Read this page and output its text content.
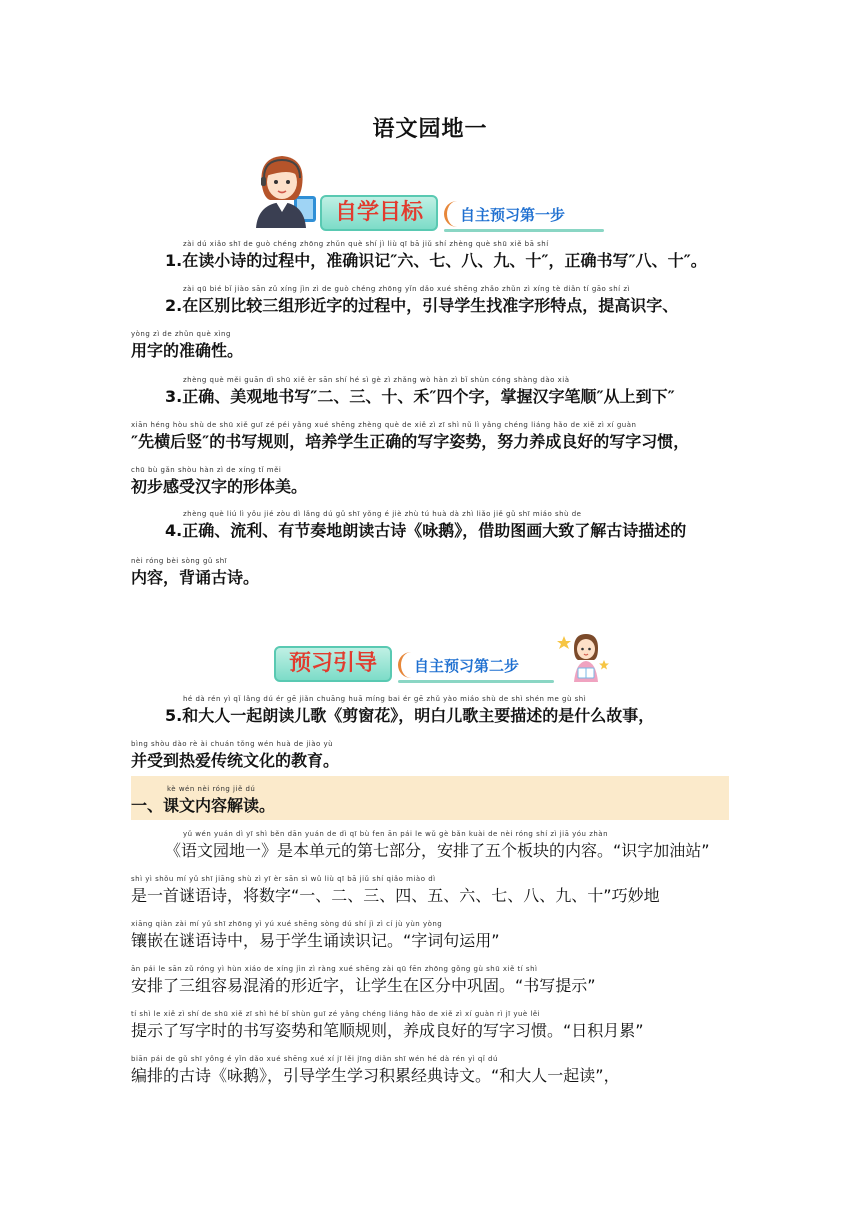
语文园地一
自学目标	自主预习第一步
zài dú xiǎo shī de guò chéng zhōng zhǔn què shí jì liù qī bā jiǔ shí zhèng què shū xiě bā shí
1.在读小诗的过程中，准确识记″六、七、八、九、十″，正确书写″八、十″。
zài qū bié bǐ jiào sān zǔ xíng jìn zì de guò chéng zhōng yǐn dǎo xué shēng zhǎo zhǔn zì xíng tè diǎn tí gāo shí zì
2.在区别比较三组形近字的过程中，引导学生找准字形特点，提高识字、
yòng zì de zhǔn què xìng
用字的准确性。
zhèng què měi guān dì shū xiě èr sān shí hé sì gè zì zhǎng wò hàn zì bǐ shùn cóng shàng dào xià
3.正确、美观地书写″二、三、十、禾″四个字，掌握汉字笔顺″从上到下″
xiān héng hòu shù de shū xiě guī zé péi yǎng xué shēng zhèng què de xiě zì zī shì nǔ lì yǎng chéng liáng hǎo de xiě zì xí guàn
″先横后竖″的书写规则，培养学生正确的写字姿势，努力养成良好的写字习惯，
chū bù gǎn shòu hàn zì de xíng tǐ měi
初步感受汉字的形体美。
zhèng què liú lì yǒu jié zòu dì lǎng dú gǔ shī yǒng é jiè zhù tú huà dà zhì liǎo jiě gǔ shī miáo shù de
4.正确、流利、有节奏地朗读古诗《咏鹅》，借助图画大致了解古诗描述的
nèi róng bèi sòng gǔ shī
内容，背诵古诗。
预习引导	自主预习第二步
hé dà rén yì qǐ lǎng dú ér gē jiǎn chuāng huā míng bai ér gē zhǔ yào miáo shù de shì shén me gù shì
5.和大人一起朗读儿歌《剪窗花》，明白儿歌主要描述的是什么故事，
bìng shòu dào rè ài chuán tǒng wén huà de jiào yù
并受到热爱传统文化的教育。
kè wén nèi róng jiě dú
一、课文内容解读。
yǔ wén yuán dì yī shì běn dān yuán de dì qī bù fen ān pái le wǔ gè bǎn kuài de nèi róng shí zì jiā yóu zhàn
《语文园地一》是本单元的第七部分，安排了五个板块的内容。“识字加油站”
shì yì shǒu mí yǔ shī jiāng shù zì yī èr sān sì wǔ liù qī bā jiǔ shí qiǎo miào dì
是一首谜语诗，将数字“一、二、三、四、五、六、七、八、九、十”巧妙地
xiāng qiàn zài mí yǔ shī zhōng yì yú xué shēng sòng dú shí jì zì cí jù yùn yòng
镶嵌在谜语诗中，易于学生诵读识记。“字词句运用”
ān pái le sān zǔ róng yì hùn xiáo de xíng jìn zì ràng xué shēng zài qū fēn zhōng gǒng gù shū xiě tí shì
安排了三组容易混淆的形近字，让学生在区分中巩固。“书写提示”
tí shì le xiě zì shí de shū xiě zī shì hé bǐ shùn guī zé yǎng chéng liáng hǎo de xiě zì xí guàn rì jī yuè lěi
提示了写字时的书写姿势和笔顺规则，养成良好的写字习惯。“日积月累”
biān pái de gǔ shī yǒng é yǐn dǎo xué shēng xué xí jī lěi jīng diǎn shī wén hé dà rén yì qǐ dú
编排的古诗《咏鹅》，引导学生学习积累经典诗文。“和大人一起读”，
